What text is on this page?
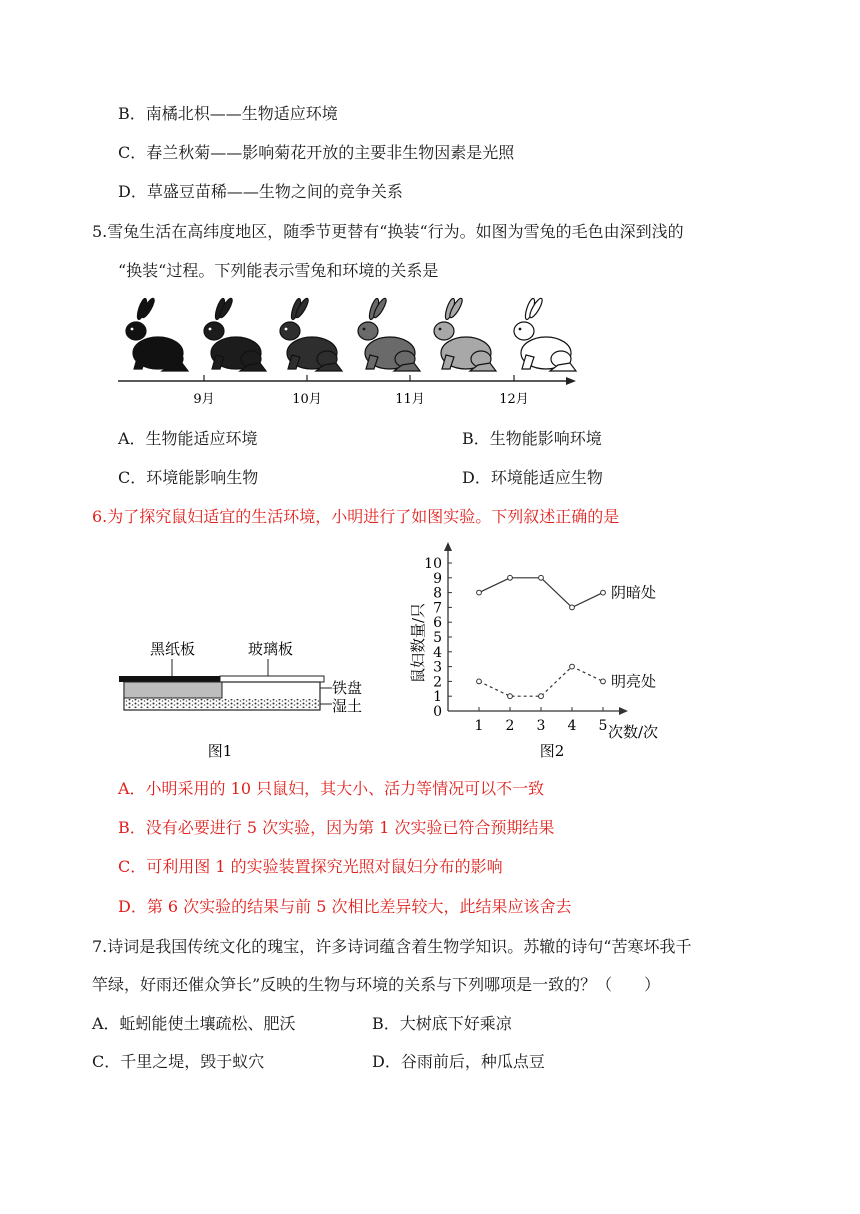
B．南橘北枳——生物适应环境
C．春兰秋菊——影响菊花开放的主要非生物因素是光照
D．草盛豆苗稀——生物之间的竞争关系
5.雪兔生活在高纬度地区，随季节更替有“换装“行为。如图为雪兔的毛色由深到浅的
“换装“过程。下列能表示雪兔和环境的关系是
9月	10月	11月	12月
A．生物能适应环境	B．生物能影响环境
C．环境能影响生物	D．环境能适应生物
6.为了探究鼠妇适宜的生活环境，小明进行了如图实验。下列叙述正确的是
黑纸板	玻璃板
铁盘
湿土
图1
0
1
2
3
4
5
6
7
8
9
10
1 2 3 4 5 次数/次
鼠妇数量/只
阴暗处
明亮处
图2
A．小明采用的 10 只鼠妇，其大小、活力等情况可以不一致
B．没有必要进行 5 次实验，因为第 1 次实验已符合预期结果
C．可利用图 1 的实验装置探究光照对鼠妇分布的影响
D．第 6 次实验的结果与前 5 次相比差异较大，此结果应该舍去
7.诗词是我国传统文化的瑰宝，许多诗词蕴含着生物学知识。苏辙的诗句“苦寒坏我千
竿绿，好雨还催众笋长”反映的生物与环境的关系与下列哪项是一致的？（　　）
A．蚯蚓能使土壤疏松、肥沃	B．大树底下好乘凉
C．千里之堤，毁于蚁穴	D．谷雨前后，种瓜点豆
